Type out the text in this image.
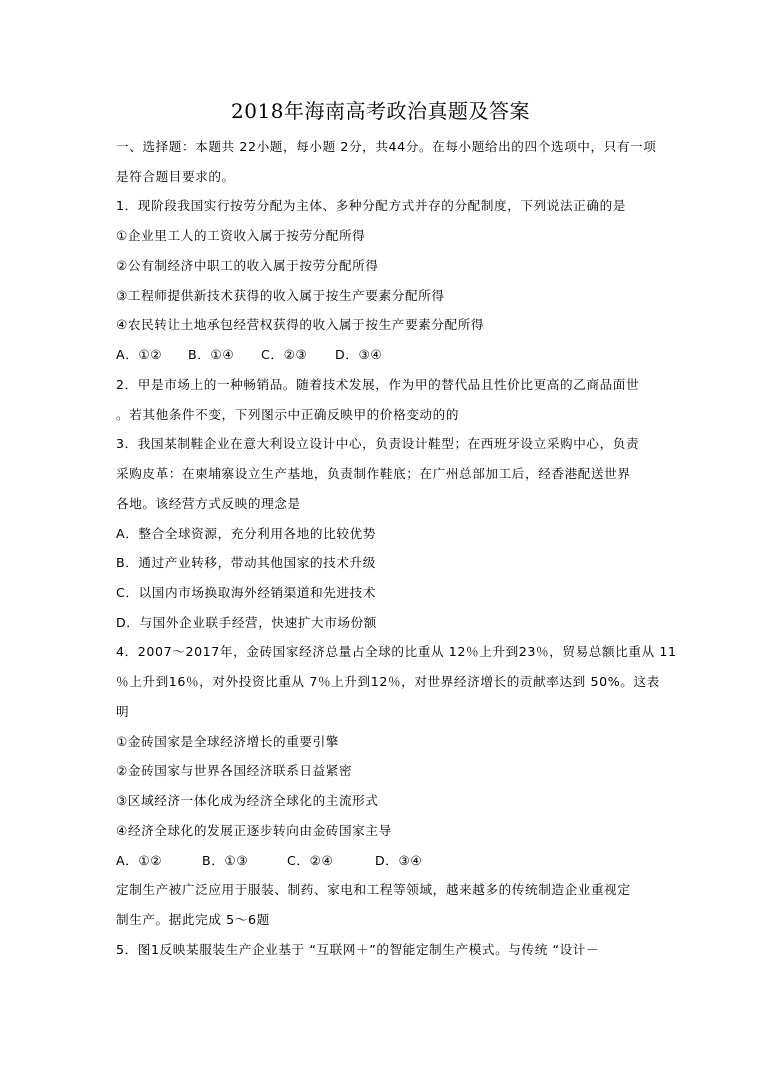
2018年海南高考政治真题及答案
一、选择题：本题共 22小题，每小题 2分，共44分。在每小题给出的四个选项中，只有一项
是符合题目要求的。
1．现阶段我国实行按劳分配为主体、多种分配方式并存的分配制度，下列说法正确的是
①企业里工人的工资收入属于按劳分配所得
②公有制经济中职工的收入属于按劳分配所得
③工程师提供新技术获得的收入属于按生产要素分配所得
④农民转让土地承包经营权获得的收入属于按生产要素分配所得
A．①② B．①④ C．②③ D．③④
2．甲是市场上的一种畅销品。随着技术发展，作为甲的替代品且性价比更高的乙商品面世
。若其他条件不变，下列图示中正确反映甲的价格变动的的
3．我国某制鞋企业在意大利设立设计中心，负责设计鞋型；在西班牙设立采购中心，负责
采购皮革：在柬埔寨设立生产基地，负责制作鞋底；在广州总部加工后，经香港配送世界
各地。该经营方式反映的理念是
A．整合全球资源，充分利用各地的比较优势
B．通过产业转移，带动其他国家的技术升级
C．以国内市场换取海外经销渠道和先进技术
D．与国外企业联手经营，快速扩大市场份额
4．2007～2017年，金砖国家经济总量占全球的比重从 12％上升到23％，贸易总额比重从 11
％上升到16％，对外投资比重从 7％上升到12％，对世界经济增长的贡献率达到 50%。这表
明
①金砖国家是全球经济增长的重要引擎
②金砖国家与世界各国经济联系日益紧密
③区域经济一体化成为经济全球化的主流形式
④经济全球化的发展正逐步转向由金砖国家主导
A．①②	B．①③	C．②④	D．③④
定制生产被广泛应用于服装、制药、家电和工程等领域，越来越多的传统制造企业重视定
制生产。据此完成 5～6题
5．图1反映某服装生产企业基于 “互联网＋”的智能定制生产模式。与传统 “设计－
